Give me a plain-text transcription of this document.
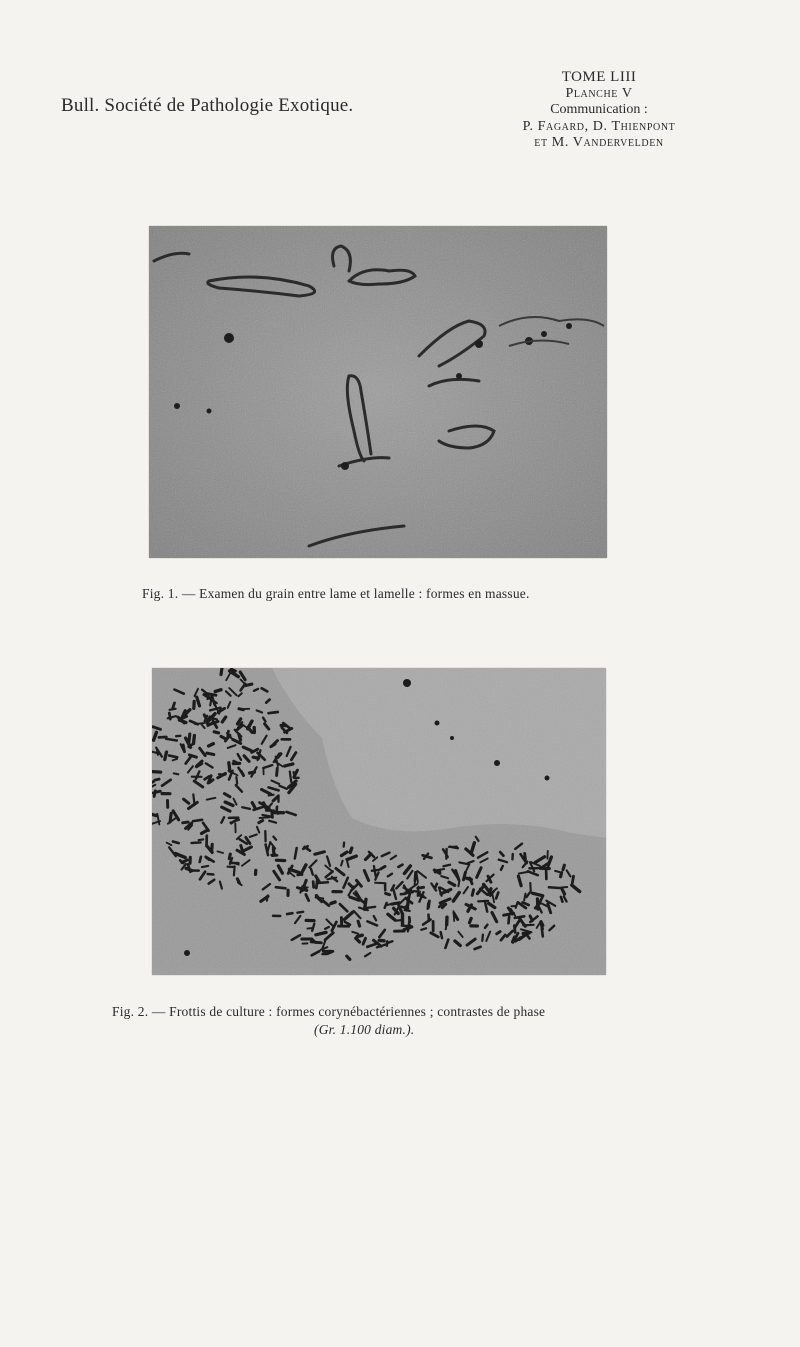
Bull. Société de Pathologie Exotique.
TOME LIII
Planche V
Communication :
P. Fagard, D. Thienpont
et M. Vandervelden
Fig. 1. — Examen du grain entre lame et lamelle : formes en massue.
Fig. 2. — Frottis de culture : formes corynébactériennes ; contrastes de phase
(Gr. 1.100 diam.).
